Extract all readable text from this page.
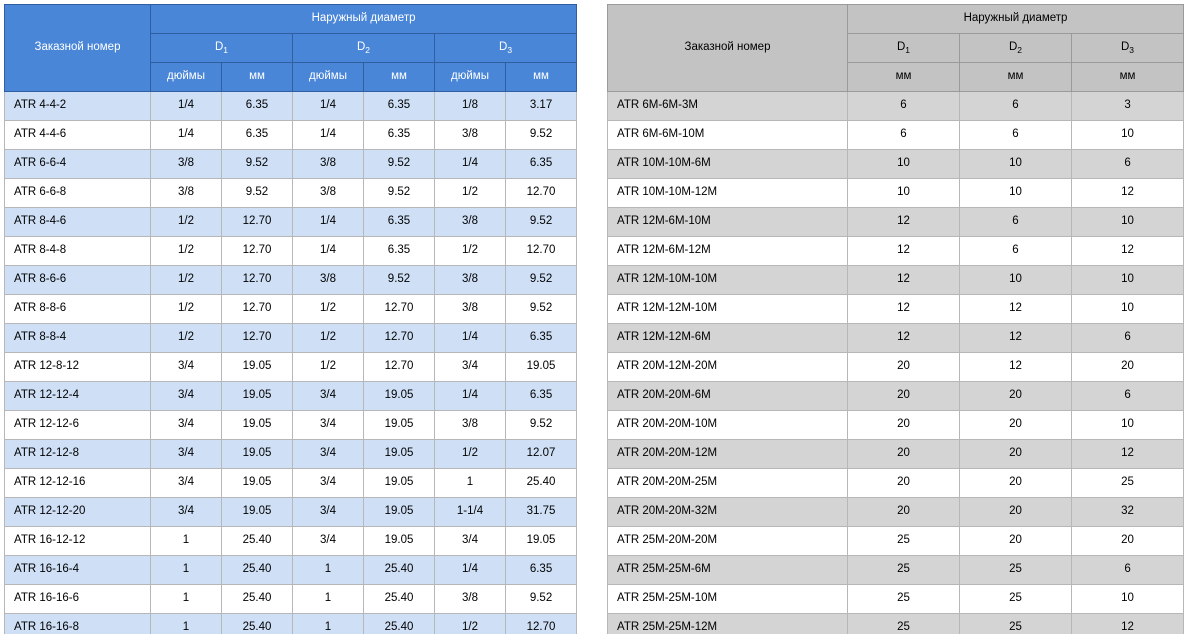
Заказной номер	Наружный диаметр					
	$D_1$		$D_2$		$D_3$
	дюймы	мм	дюймы	мм	дюймы	мм
ATR 4-4-2	1/4	6.35	1/4	6.35	1/8	3.17
ATR 4-4-6	1/4	6.35	1/4	6.35	3/8	9.52
ATR 6-6-4	3/8	9.52	3/8	9.52	1/4	6.35
ATR 6-6-8	3/8	9.52	3/8	9.52	1/2	12.70
ATR 8-4-6	1/2	12.70	1/4	6.35	3/8	9.52
ATR 8-4-8	1/2	12.70	1/4	6.35	1/2	12.70
ATR 8-6-6	1/2	12.70	3/8	9.52	3/8	9.52
ATR 8-8-6	1/2	12.70	1/2	12.70	3/8	9.52
ATR 8-8-4	1/2	12.70	1/2	12.70	1/4	6.35
ATR 12-8-12	3/4	19.05	1/2	12.70	3/4	19.05
ATR 12-12-4	3/4	19.05	3/4	19.05	1/4	6.35
ATR 12-12-6	3/4	19.05	3/4	19.05	3/8	9.52
ATR 12-12-8	3/4	19.05	3/4	19.05	1/2	12.07
ATR 12-12-16	3/4	19.05	3/4	19.05	1	25.40
ATR 12-12-20	3/4	19.05	3/4	19.05	1-1/4	31.75
ATR 16-12-12	1	25.40	3/4	19.05	3/4	19.05
ATR 16-16-4	1	25.40	1	25.40	1/4	6.35
ATR 16-16-6	1	25.40	1	25.40	3/8	9.52
ATR 16-16-8	1	25.40	1	25.40	1/2	12.70
Заказной номер	Наружный диаметр		
	$D_1$	$D_2$	$D_3$
	мм	мм	мм
ATR 6M-6M-3M	6	6	3
ATR 6M-6M-10M	6	6	10
ATR 10M-10M-6M	10	10	6
ATR 10M-10M-12M	10	10	12
ATR 12M-6M-10M	12	6	10
ATR 12M-6M-12M	12	6	12
ATR 12M-10M-10M	12	10	10
ATR 12M-12M-10M	12	12	10
ATR 12M-12M-6M	12	12	6
ATR 20M-12M-20M	20	12	20
ATR 20M-20M-6M	20	20	6
ATR 20M-20M-10M	20	20	10
ATR 20M-20M-12M	20	20	12
ATR 20M-20M-25M	20	20	25
ATR 20M-20M-32M	20	20	32
ATR 25M-20M-20M	25	20	20
ATR 25M-25M-6M	25	25	6
ATR 25M-25M-10M	25	25	10
ATR 25M-25M-12M	25	25	12
